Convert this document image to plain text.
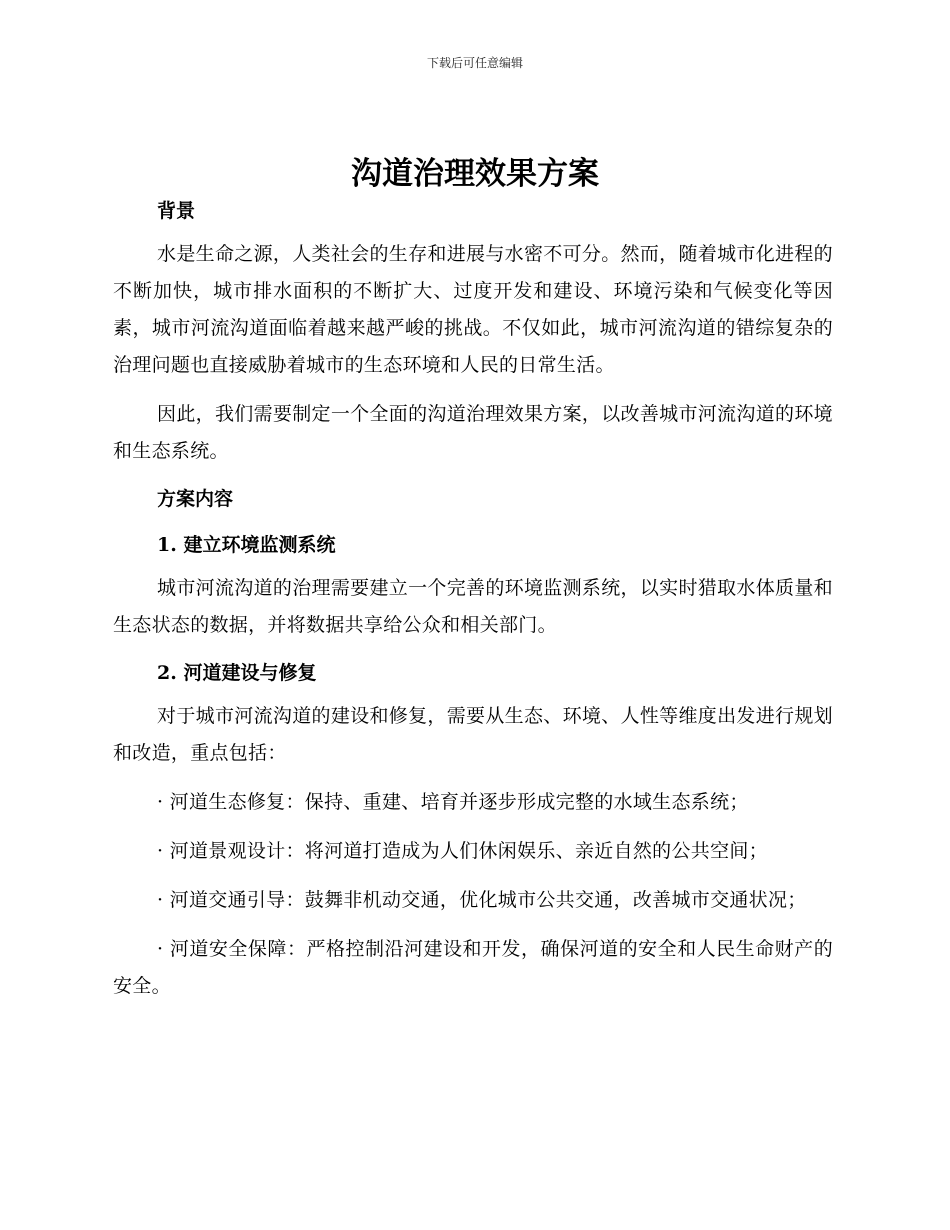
下载后可任意编辑
沟道治理效果方案
背景

水是生命之源，人类社会的生存和进展与水密不可分。然而，随着城市化进程的不断加快，城市排水面积的不断扩大、过度开发和建设、环境污染和气候变化等因素，城市河流沟道面临着越来越严峻的挑战。不仅如此，城市河流沟道的错综复杂的治理问题也直接威胁着城市的生态环境和人民的日常生活。

因此，我们需要制定一个全面的沟道治理效果方案，以改善城市河流沟道的环境和生态系统。

方案内容
1. 建立环境监测系统

城市河流沟道的治理需要建立一个完善的环境监测系统，以实时猎取水体质量和生态状态的数据，并将数据共享给公众和相关部门。

2. 河道建设与修复

对于城市河流沟道的建设和修复，需要从生态、环境、人性等维度出发进行规划和改造，重点包括：

· 河道生态修复：保持、重建、培育并逐步形成完整的水域生态系统；

· 河道景观设计：将河道打造成为人们休闲娱乐、亲近自然的公共空间；

· 河道交通引导：鼓舞非机动交通，优化城市公共交通，改善城市交通状况；

· 河道安全保障：严格控制沿河建设和开发，确保河道的安全和人民生命财产的安全。
